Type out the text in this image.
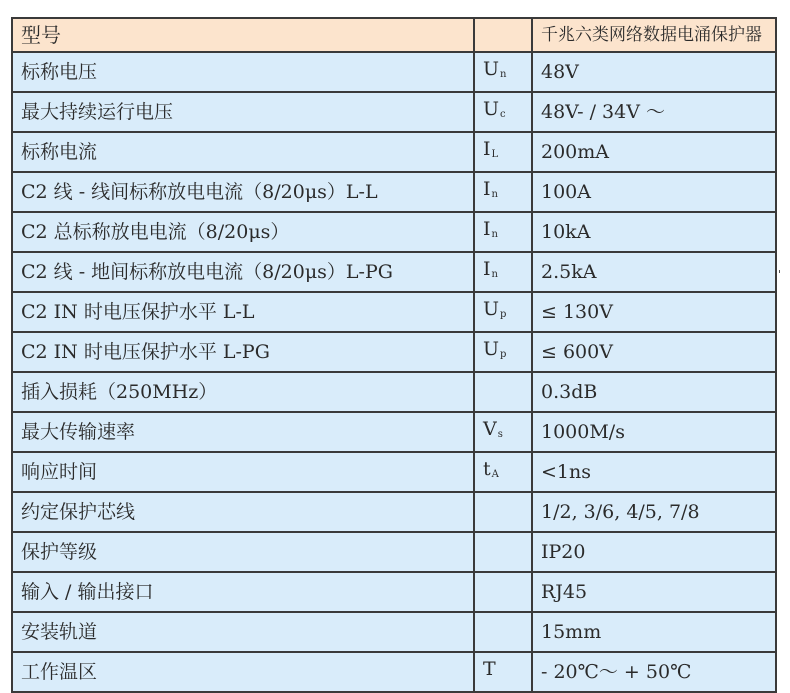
型号		千兆六类网络数据电涌保护器
标称电压	$U_n$	48V
最大持续运行电压	$U_c$	48V- / 34V ～
标称电流	$I_L$	200mA
C2 线 - 线间标称放电电流（8/20μs）L-L	$I_n$	100A
C2 总标称放电电流（8/20μs）	$I_n$	10kA
C2 线 - 地间标称放电电流（8/20μs）L-PG	$I_n$	2.5kA
C2 IN 时电压保护水平 L-L	$U_p$	≤ 130V
C2 IN 时电压保护水平 L-PG	$U_p$	≤ 600V
插入损耗（250MHz）		0.3dB
最大传输速率	$V_s$	1000M/s
响应时间	$t_A$	<1ns
约定保护芯线		1/2, 3/6, 4/5, 7/8
保护等级		IP20
输入 / 输出接口		RJ45
安装轨道		15mm
工作温区	T	- 20℃～ + 50℃
